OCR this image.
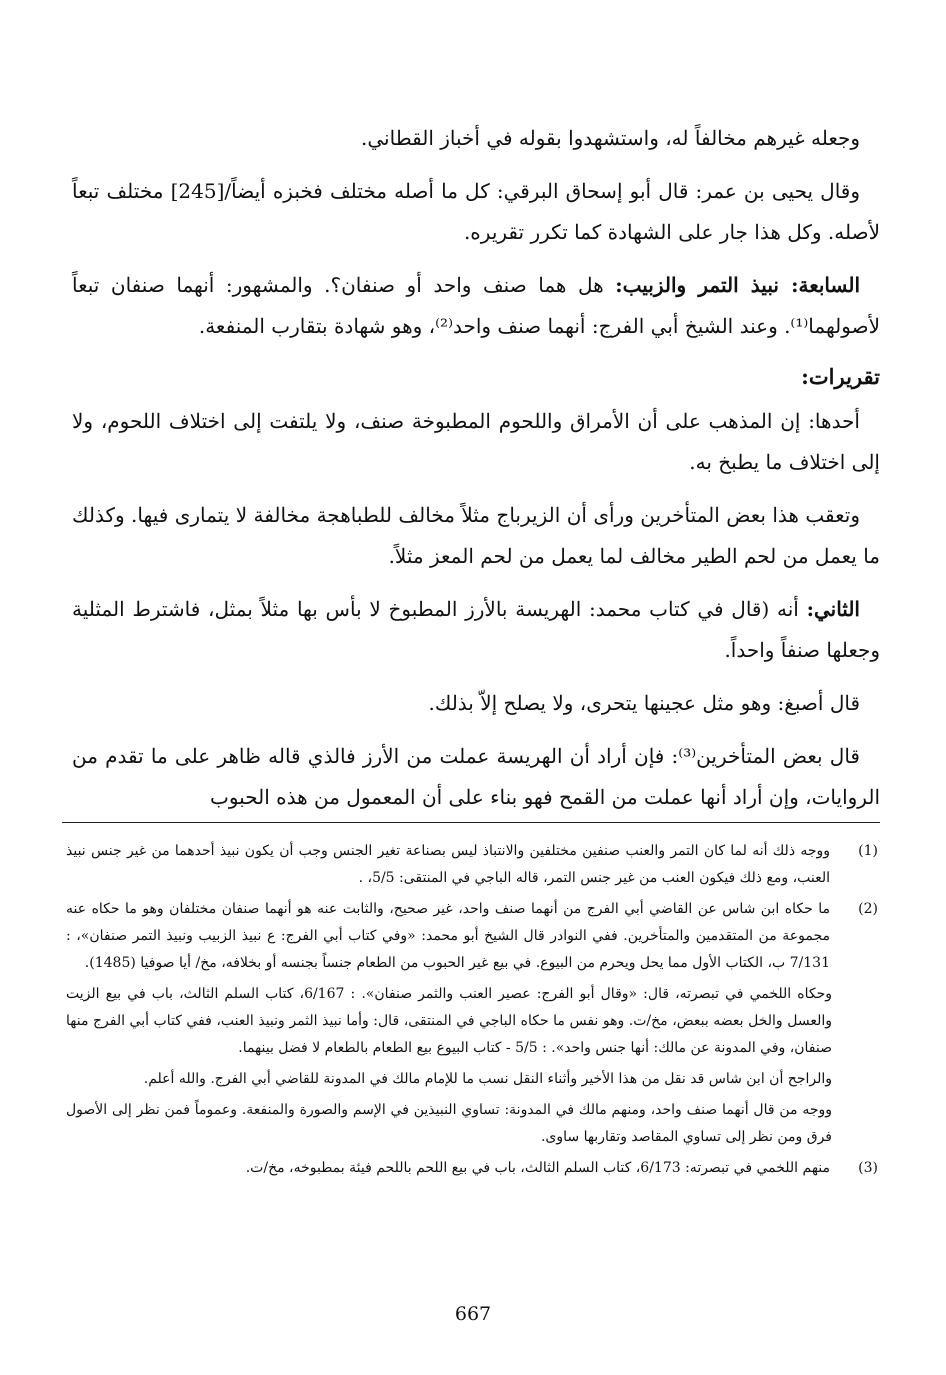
وجعله غيرهم مخالفاً له، واستشهدوا بقوله في أخباز القطاني.

وقال يحيى بن عمر: قال أبو إسحاق البرقي: كل ما أصله مختلف فخبزه أيضاً/[245] مختلف تبعاً لأصله. وكل هذا جار على الشهادة كما تكرر تقريره.

السابعة: نبيذ التمر والزبيب: هل هما صنف واحد أو صنفان؟. والمشهور: أنهما صنفان تبعاً لأصولهما⁽¹⁾. وعند الشيخ أبي الفرج: أنهما صنف واحد⁽²⁾، وهو شهادة بتقارب المنفعة.

تقريرات:

أحدها: إن المذهب على أن الأمراق واللحوم المطبوخة صنف، ولا يلتفت إلى اختلاف اللحوم، ولا إلى اختلاف ما يطبخ به.

وتعقب هذا بعض المتأخرين ورأى أن الزيرباج مثلاً مخالف للطباهجة مخالفة لا يتمارى فيها. وكذلك ما يعمل من لحم الطير مخالف لما يعمل من لحم المعز مثلاً.

الثاني: أنه (قال في كتاب محمد: الهريسة بالأرز المطبوخ لا بأس بها مثلاً بمثل، فاشترط المثلية وجعلها صنفاً واحداً.

قال أصبغ: وهو مثل عجينها يتحرى، ولا يصلح إلاّ بذلك.

قال بعض المتأخرين⁽³⁾: فإن أراد أن الهريسة عملت من الأرز فالذي قاله ظاهر على ما تقدم من الروايات، وإن أراد أنها عملت من القمح فهو بناء على أن المعمول من هذه الحبوب

(1)
ووجه ذلك أنه لما كان التمر والعنب صنفين مختلفين والانتباذ ليس بصناعة تغير الجنس وجب أن يكون نبيذ أحدهما من غير جنس نبيذ العنب، ومع ذلك فيكون العنب من غير جنس التمر، قاله الباجي في المنتقى: 5/5، .
(2)
ما حكاه ابن شاس عن القاضي أبي الفرج من أنهما صنف واحد، غير صحيح، والثابت عنه هو أنهما صنفان مختلفان وهو ما حكاه عنه مجموعة من المتقدمين والمتأخرين. ففي النوادر قال الشيخ أبو محمد: «وفي كتاب أبي الفرج: ع نبيذ الزبيب ونبيذ التمر صنفان»، : 7/131 ب، الكتاب الأول مما يحل ويحرم من البيوع. في بيع غير الحبوب من الطعام جنساً بجنسه أو بخلافه، مخ/ أيا صوفيا (1485).
وحكاه اللخمي في تبصرته، قال: «وقال أبو الفرج: عصير العنب والثمر صنفان». : 6/167، كتاب السلم الثالث، باب في بيع الزيت والعسل والخل بعضه ببعض، مخ/ت. وهو نفس ما حكاه الباجي في المنتقى، قال: وأما نبيذ الثمر ونبيذ العنب، ففي كتاب أبي الفرج منها صنفان، وفي المدونة عن مالك: أنها جنس واحد». : 5/5 - كتاب البيوع بيع الطعام بالطعام لا فضل بينهما.
والراجح أن ابن شاس قد نقل من هذا الأخير وأثناء النقل نسب ما للإمام مالك في المدونة للقاضي أبي الفرج. والله أعلم.
ووجه من قال أنهما صنف واحد، ومنهم مالك في المدونة: تساوي النبيذين في الإسم والصورة والمنفعة. وعموماً فمن نظر إلى الأصول فرق ومن نظر إلى تساوي المقاصد وتقاربها ساوى.
(3)
منهم اللخمي في تبصرته: 6/173، كتاب السلم الثالث، باب في بيع اللحم باللحم فيئة بمطبوخه، مخ/ت.
667
